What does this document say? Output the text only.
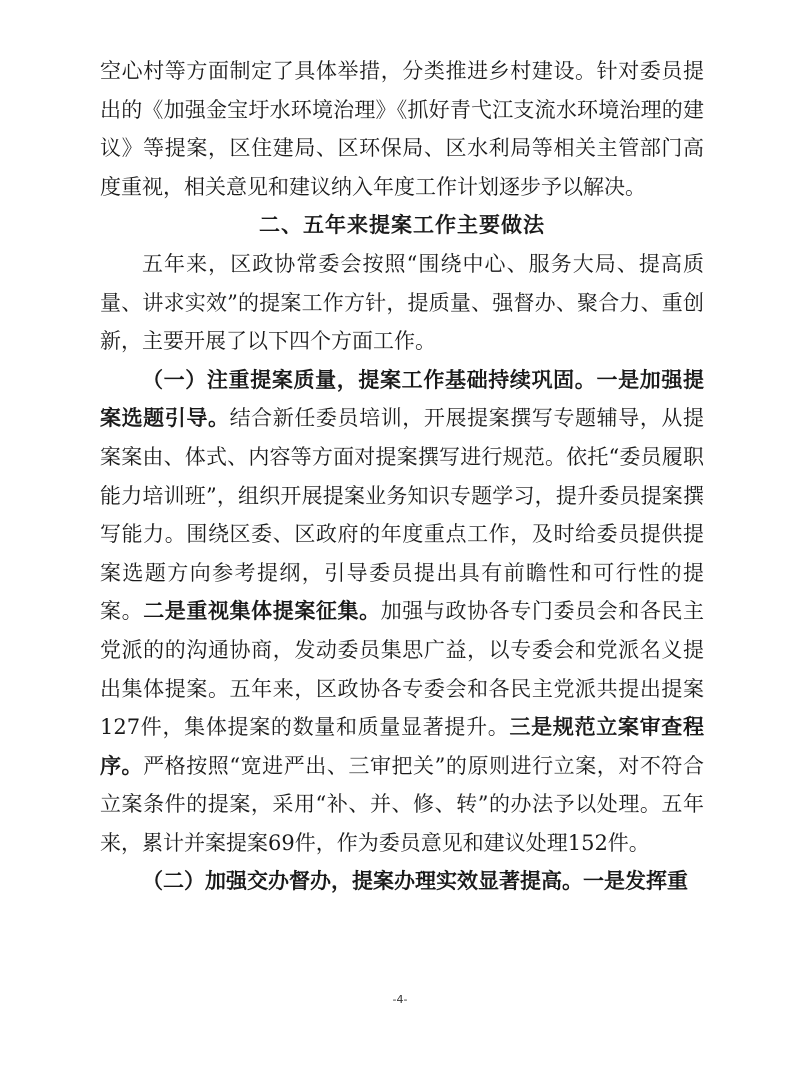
空心村等方面制定了具体举措，分类推进乡村建设。针对委员提出的《加强金宝圩水环境治理》《抓好青弋江支流水环境治理的建议》等提案，区住建局、区环保局、区水利局等相关主管部门高度重视，相关意见和建议纳入年度工作计划逐步予以解决。

二、五年来提案工作主要做法

五年来，区政协常委会按照“围绕中心、服务大局、提高质量、讲求实效”的提案工作方针，提质量、强督办、聚合力、重创新，主要开展了以下四个方面工作。

（一）注重提案质量，提案工作基础持续巩固。一是加强提案选题引导。结合新任委员培训，开展提案撰写专题辅导，从提案案由、体式、内容等方面对提案撰写进行规范。依托“委员履职能力培训班”，组织开展提案业务知识专题学习，提升委员提案撰写能力。围绕区委、区政府的年度重点工作，及时给委员提供提案选题方向参考提纲，引导委员提出具有前瞻性和可行性的提案。二是重视集体提案征集。加强与政协各专门委员会和各民主党派的的沟通协商，发动委员集思广益，以专委会和党派名义提出集体提案。五年来，区政协各专委会和各民主党派共提出提案127件，集体提案的数量和质量显著提升。三是规范立案审查程序。严格按照“宽进严出、三审把关”的原则进行立案，对不符合立案条件的提案，采用“补、并、修、转”的办法予以处理。五年来，累计并案提案69件，作为委员意见和建议处理152件。

（二）加强交办督办，提案办理实效显著提高。一是发挥重

-4-
